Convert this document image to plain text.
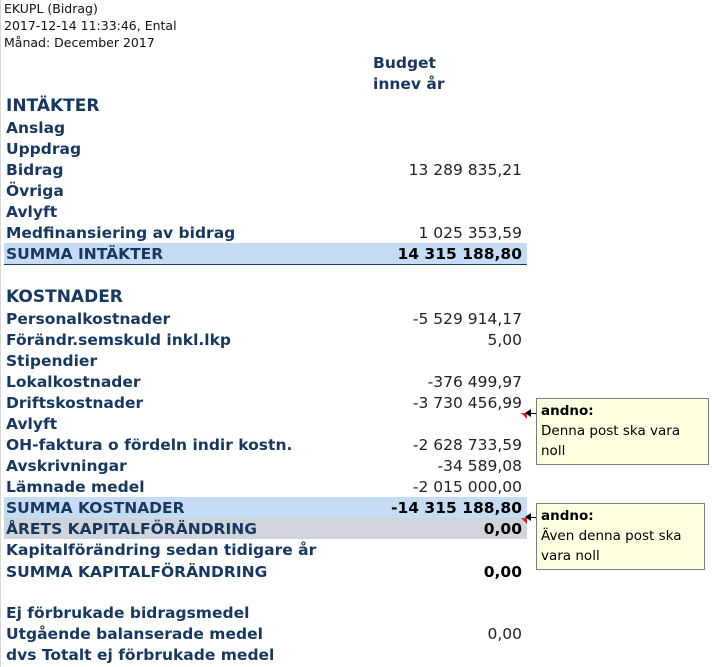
EKUPL (Bidrag)
2017-12-14 11:33:46, Ental
Månad: December 2017
Budget
innev år
INTÄKTER
Anslag
Uppdrag
Bidrag	13 289 835,21
Övriga
Avlyft
Medfinansiering av bidrag	1 025 353,59
SUMMA INTÄKTER	14 315 188,80
KOSTNADER
Personalkostnader	-5 529 914,17
Förändr.semskuld inkl.lkp	5,00
Stipendier
Lokalkostnader	-376 499,97
Driftskostnader	-3 730 456,99
Avlyft
OH-faktura o fördeln indir kostn.	-2 628 733,59
Avskrivningar	-34 589,08
Lämnade medel	-2 015 000,00
SUMMA KOSTNADER	-14 315 188,80
ÅRETS KAPITALFÖRÄNDRING	0,00
Kapitalförändring sedan tidigare år
SUMMA KAPITALFÖRÄNDRING	0,00
Ej förbrukade bidragsmedel
Utgående balanserade medel	0,00
dvs Totalt ej förbrukade medel
andno:
Denna post ska vara noll
andno:
Även denna post ska
vara noll
